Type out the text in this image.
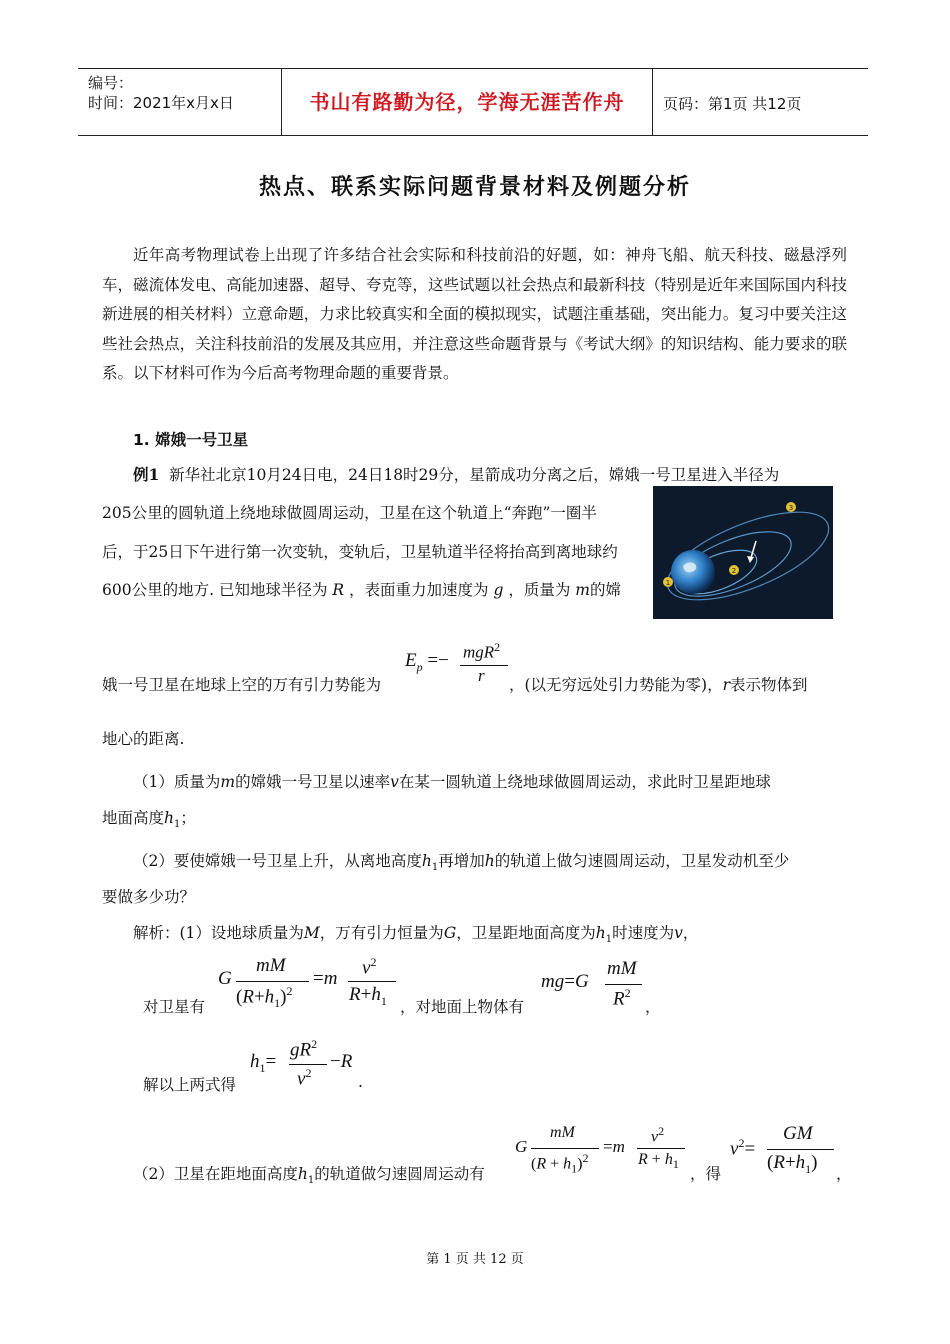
编号：
时间：2021年x月x日	书山有路勤为径，学海无涯苦作舟	页码：第1页 共12页
热点、联系实际问题背景材料及例题分析
近年高考物理试卷上出现了许多结合社会实际和科技前沿的好题，如：神舟飞船、航天科技、磁悬浮列车，磁流体发电、高能加速器、超导、夸克等，这些试题以社会热点和最新科技（特别是近年来国际国内科技新进展的相关材料）立意命题，力求比较真实和全面的模拟现实，试题注重基础，突出能力。复习中要关注这些社会热点，关注科技前沿的发展及其应用，并注意这些命题背景与《考试大纲》的知识结构、能力要求的联系。以下材料可作为今后高考物理命题的重要背景。
1. 嫦娥一号卫星
例1 新华社北京10月24日电，24日18时29分，星箭成功分离之后，嫦娥一号卫星进入半径为
205公里的圆轨道上绕地球做圆周运动，卫星在这个轨道上“奔跑”一圈半
后，于25日下午进行第一次变轨，变轨后，卫星轨道半径将抬高到离地球约
600公里的地方. 已知地球半径为 R ，表面重力加速度为 g ，质量为 m的嫦	1
2
3
娥一号卫星在地球上空的万有引力势能为
$E_p =- mgR^2$
r ，(以无穷远处引力势能为零)，r表示物体到
地心的距离.
（1）质量为m的嫦娥一号卫星以速率v在某一圆轨道上绕地球做圆周运动，求此时卫星距地球
地面高度$h_1$；
（2）要使嫦娥一号卫星上升，从离地高度$h_1$再增加h的轨道上做匀速圆周运动，卫星发动机至少
要做多少功？
解析：(1）设地球质量为M，万有引力恒量为G，卫星距地面高度为$h_1$时速度为v，
对卫星有
G
mM
$(R+h_1)^2$
=m
$v^2$
$R+h_1$ ，对地面上物体有
mg=G
mM
$R^2$
，
解以上两式得
$h_1=$
$gR^2$
$v^2$
−R
.
（2）卫星在距地面高度$h_1$的轨道做匀速圆周运动有
G
mM
$(R + h_1)^2$
=m
$v^2$
$R + h_1$
，得
$v^2=$
GM
$(R+h_1)$
，
第 1 页 共 12 页
